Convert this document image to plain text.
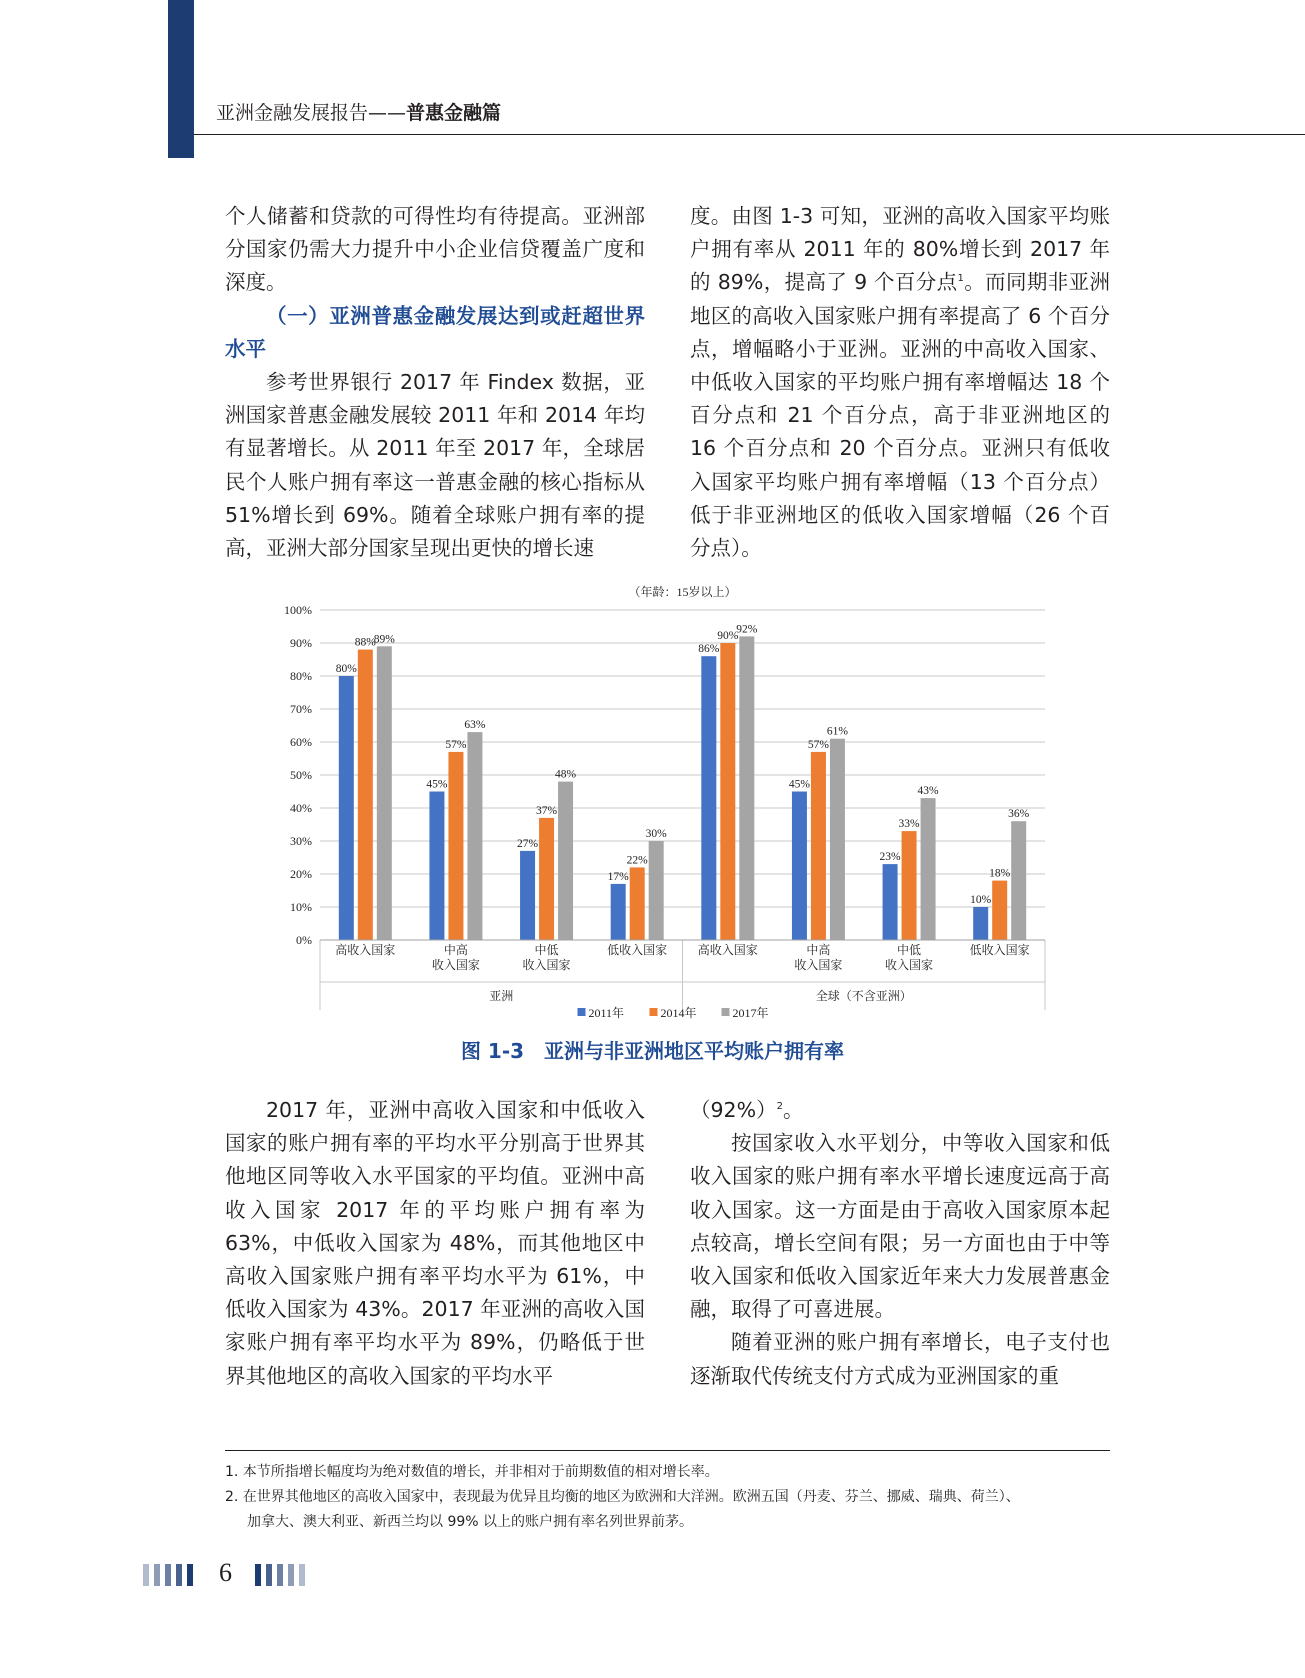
亚洲金融发展报告——普惠金融篇

个人储蓄和贷款的可得性均有待提高。亚洲部分国家仍需大力提升中小企业信贷覆盖广度和深度。

（一）亚洲普惠金融发展达到或赶超世界水平

参考世界银行 2017 年 Findex 数据，亚洲国家普惠金融发展较 2011 年和 2014 年均有显著增长。从 2011 年至 2017 年，全球居民个人账户拥有率这一普惠金融的核心指标从 51%增长到 69%。随着全球账户拥有率的提高，亚洲大部分国家呈现出更快的增长速

度。由图 1-3 可知，亚洲的高收入国家平均账户拥有率从 2011 年的 80%增长到 2017 年的 89%，提高了 9 个百分点$^1$。而同期非亚洲地区的高收入国家账户拥有率提高了 6 个百分点，增幅略小于亚洲。亚洲的中高收入国家、中低收入国家的平均账户拥有率增幅达 18 个百分点和 21 个百分点，高于非亚洲地区的 16 个百分点和 20 个百分点。亚洲只有低收入国家平均账户拥有率增幅（13 个百分点）低于非亚洲地区的低收入国家增幅（26 个百分点）。

（年龄：15岁以上）
0%
10%
20%
30%
40%
50%
60%
70%
80%
90%
100%
亚洲	全球（不含亚洲）
80%
88%
89%
高收入国家
45%
57%
63%
中高
收入国家
27%
37%
48%
中低
收入国家
17%
22%
30%
低收入国家
86%
90%
92%
高收入国家
45%
57%
61%
中高
收入国家
23%
33%
43%
中低
收入国家
10%
18%
36%
低收入国家
2011年	2014年	2017年
图 1-3　亚洲与非亚洲地区平均账户拥有率

2017 年，亚洲中高收入国家和中低收入国家的账户拥有率的平均水平分别高于世界其他地区同等收入水平国家的平均值。亚洲中高收入国家 2017 年的平均账户拥有率为 63%，中低收入国家为 48%，而其他地区中高收入国家账户拥有率平均水平为 61%，中低收入国家为 43%。2017 年亚洲的高收入国家账户拥有率平均水平为 89%，仍略低于世界其他地区的高收入国家的平均水平

$(92\%)^2$。

按国家收入水平划分，中等收入国家和低收入国家的账户拥有率水平增长速度远高于高收入国家。这一方面是由于高收入国家原本起点较高，增长空间有限；另一方面也由于中等收入国家和低收入国家近年来大力发展普惠金融，取得了可喜进展。

随着亚洲的账户拥有率增长，电子支付也逐渐取代传统支付方式成为亚洲国家的重

1. 本节所指增长幅度均为绝对数值的增长，并非相对于前期数值的相对增长率。

2. 在世界其他地区的高收入国家中，表现最为优异且均衡的地区为欧洲和大洋洲。欧洲五国（丹麦、芬兰、挪威、瑞典、荷兰）、

加拿大、澳大利亚、新西兰均以 99% 以上的账户拥有率名列世界前茅。

6
